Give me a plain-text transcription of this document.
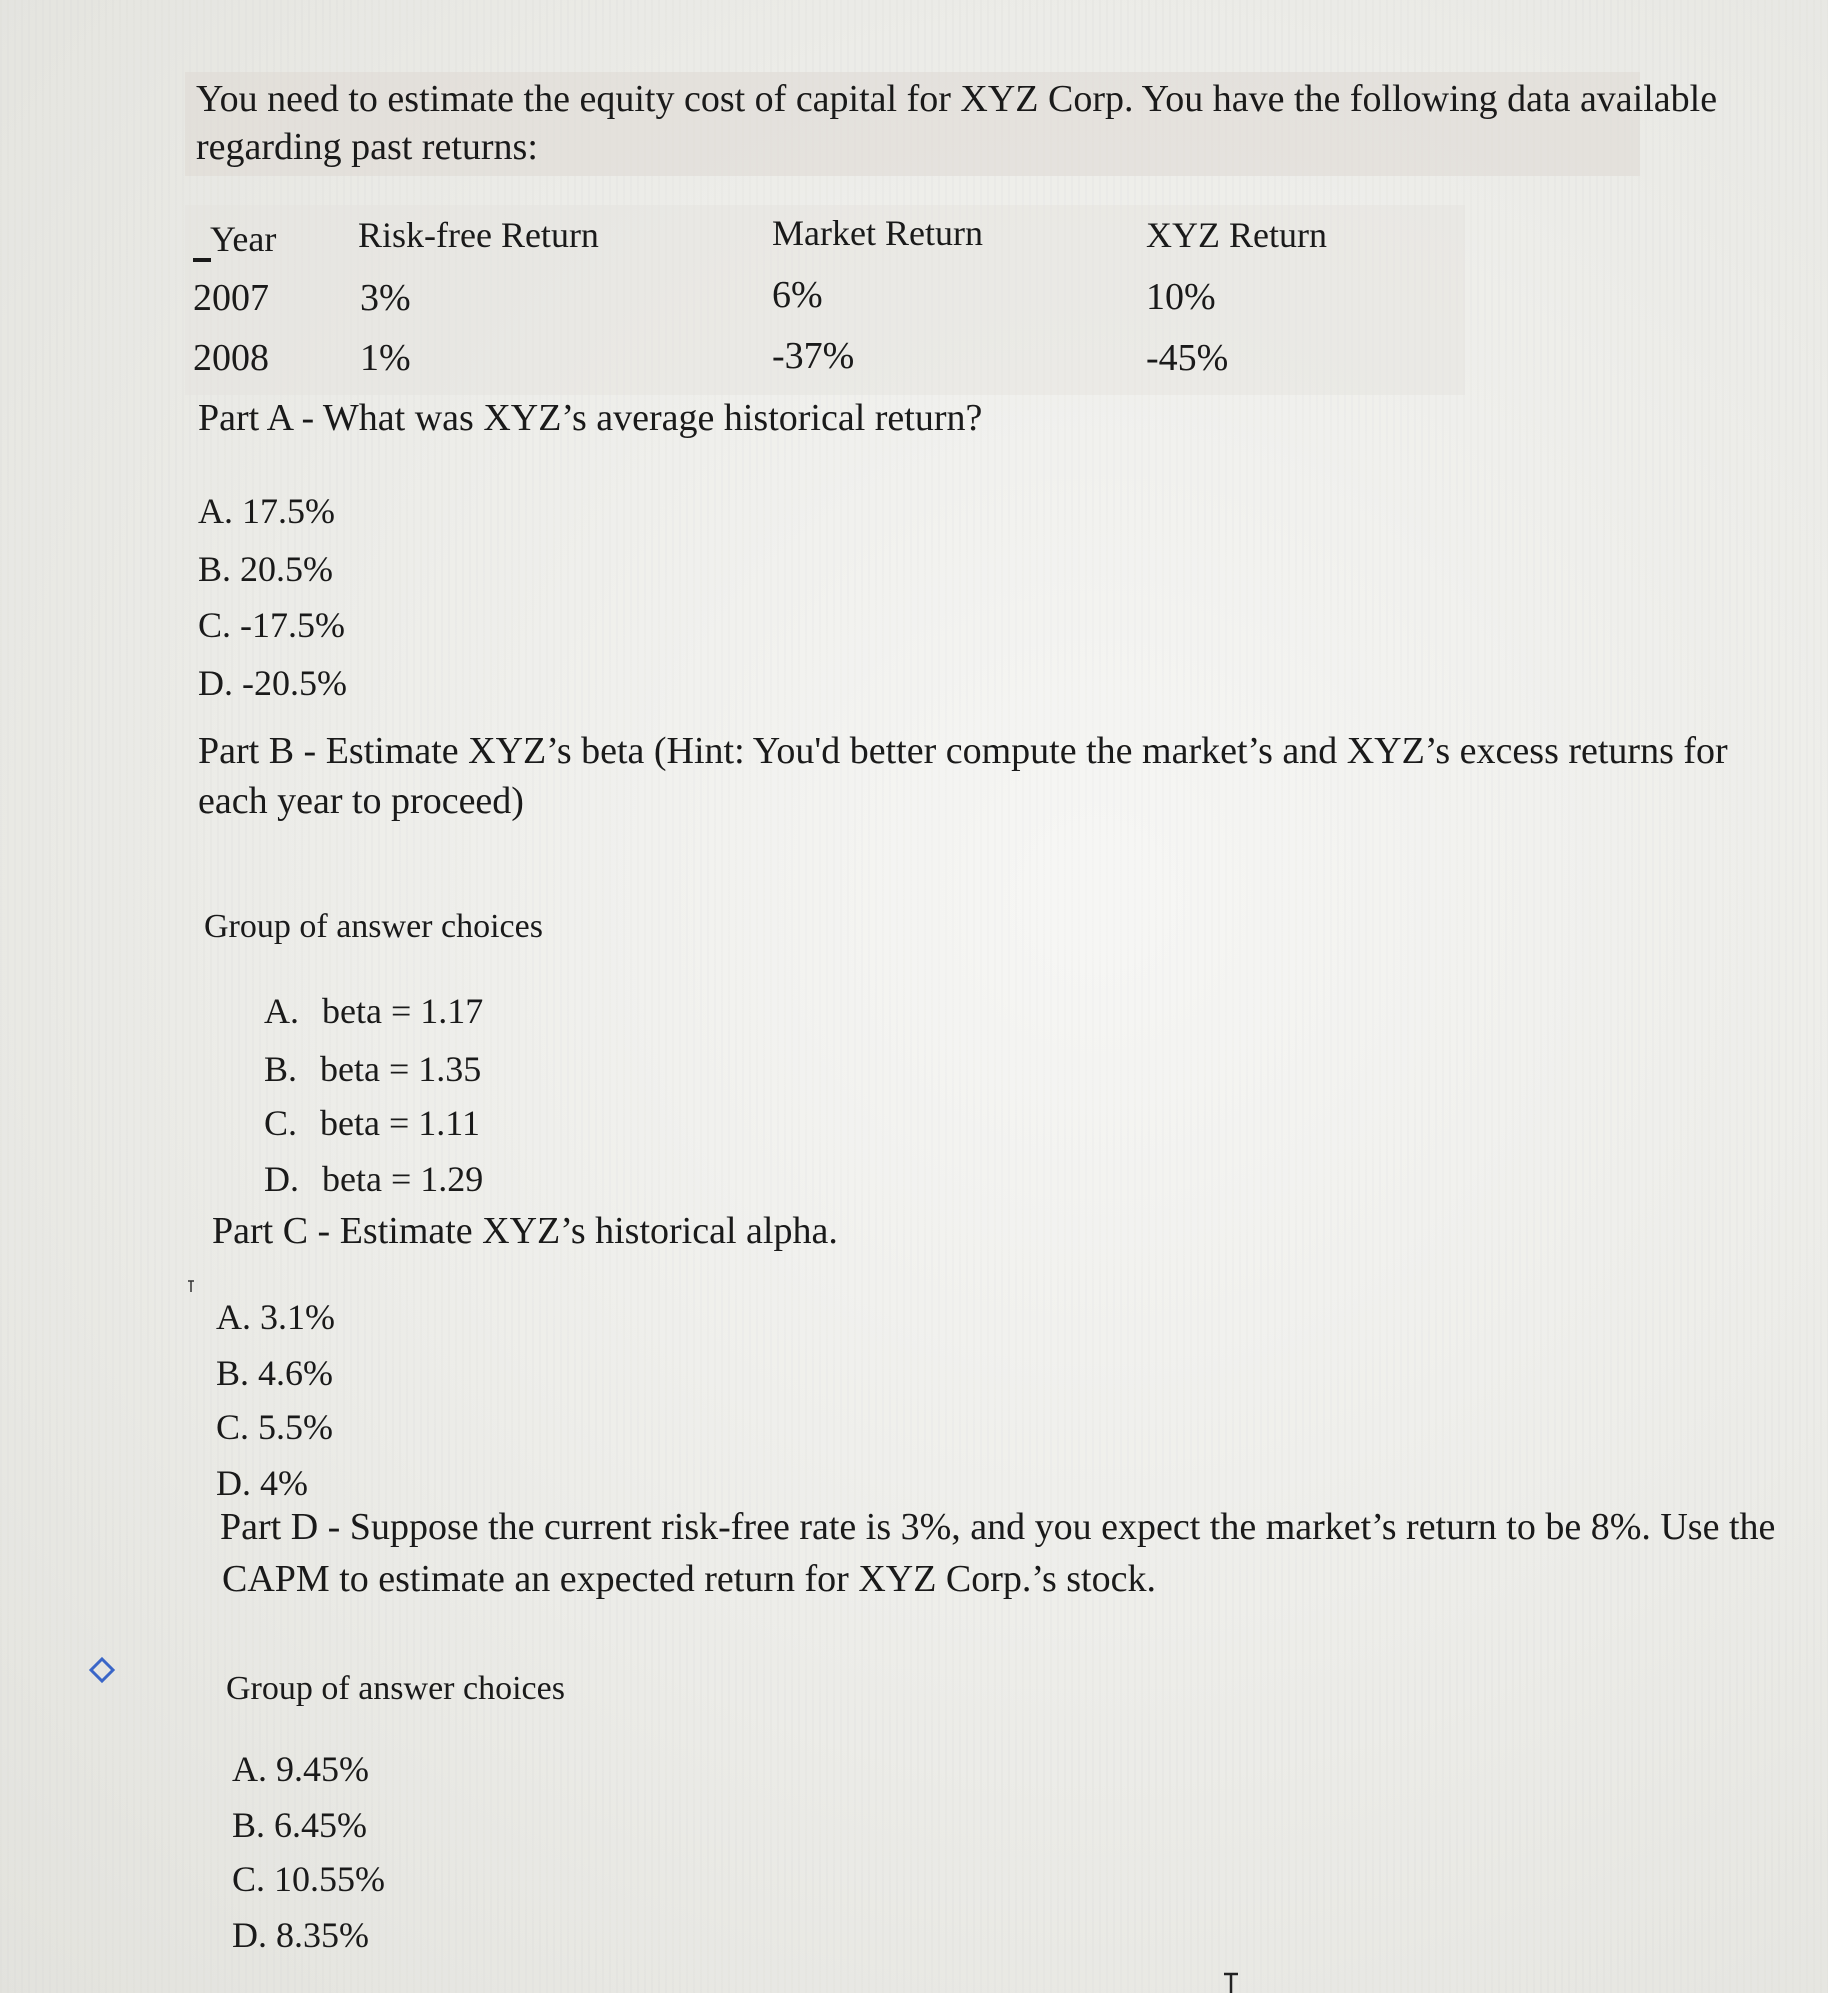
You need to estimate the equity cost of capital for XYZ Corp. You have the following data available
regarding past returns:
Year Risk-free Return	Market Return	XYZ Return
2007 3%	6%	10%
2008 1%	-37%	-45%
Part A - What was XYZ’s average historical return?
A. 17.5%
B. 20.5%
C. -17.5%
D. -20.5%
Part B - Estimate XYZ’s beta (Hint: You'd better compute the market’s and XYZ’s excess returns for
each year to proceed)
Group of answer choices
A. beta = 1.17
B. beta = 1.35
C. beta = 1.11
D. beta = 1.29
Part C - Estimate XYZ’s historical alpha.
A. 3.1%
B. 4.6%
C. 5.5%
D. 4%
Part D - Suppose the current risk-free rate is 3%, and you expect the market’s return to be 8%. Use the
CAPM to estimate an expected return for XYZ Corp.’s stock.
Group of answer choices
A. 9.45%
B. 6.45%
C. 10.55%
D. 8.35%
